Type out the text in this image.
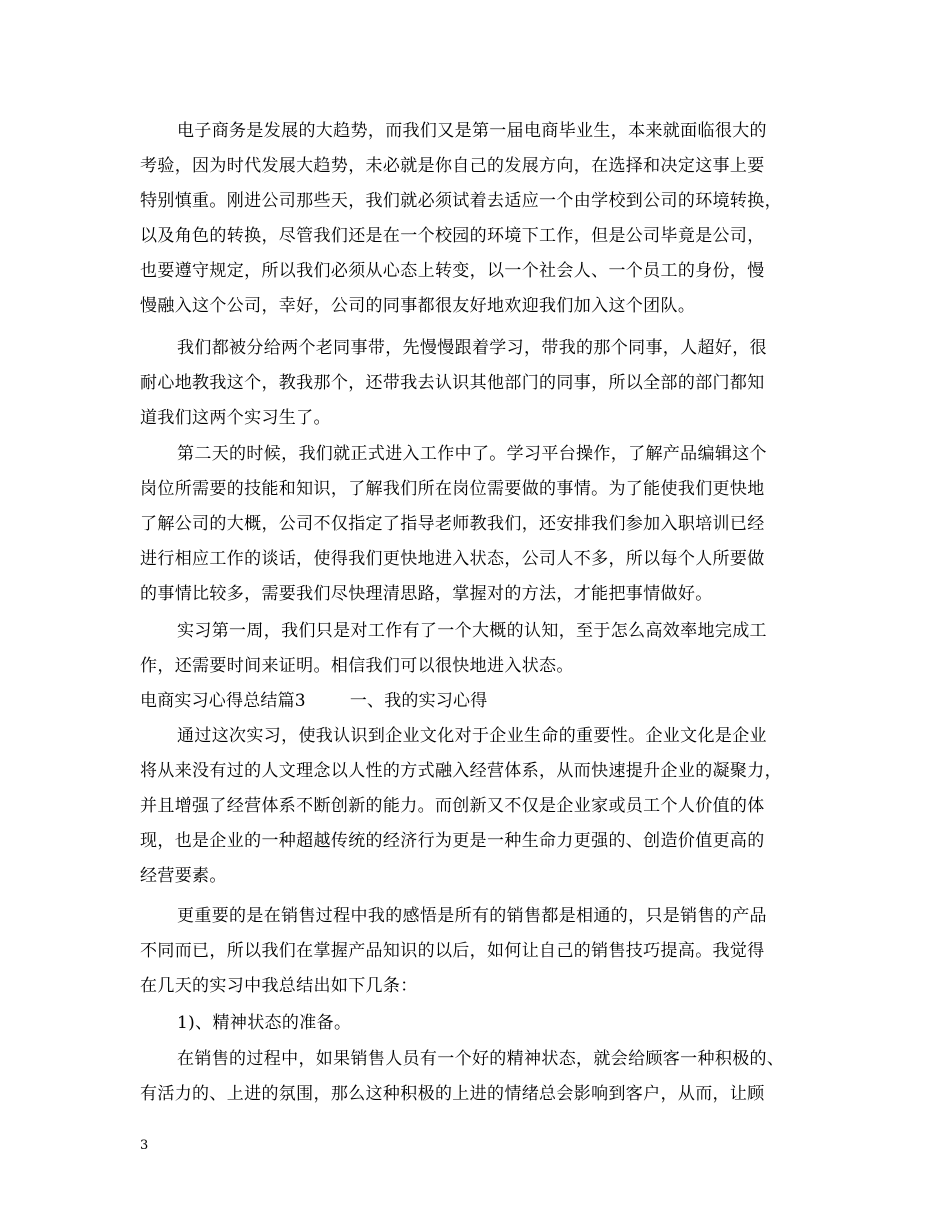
电子商务是发展的大趋势，而我们又是第一届电商毕业生，本来就面临很大的
考验，因为时代发展大趋势，未必就是你自己的发展方向，在选择和决定这事上要
特别慎重。刚进公司那些天，我们就必须试着去适应一个由学校到公司的环境转换，
以及角色的转换，尽管我们还是在一个校园的环境下工作，但是公司毕竟是公司，
也要遵守规定，所以我们必须从心态上转变，以一个社会人、一个员工的身份，慢
慢融入这个公司，幸好，公司的同事都很友好地欢迎我们加入这个团队。
我们都被分给两个老同事带，先慢慢跟着学习，带我的那个同事，人超好，很
耐心地教我这个，教我那个，还带我去认识其他部门的同事，所以全部的部门都知
道我们这两个实习生了。
第二天的时候，我们就正式进入工作中了。学习平台操作，了解产品编辑这个
岗位所需要的技能和知识，了解我们所在岗位需要做的事情。为了能使我们更快地
了解公司的大概，公司不仅指定了指导老师教我们，还安排我们参加入职培训已经
进行相应工作的谈话，使得我们更快地进入状态，公司人不多，所以每个人所要做
的事情比较多，需要我们尽快理清思路，掌握对的方法，才能把事情做好。
实习第一周，我们只是对工作有了一个大概的认知，至于怎么高效率地完成工
作，还需要时间来证明。相信我们可以很快地进入状态。
电商实习心得总结篇3	一、我的实习心得
通过这次实习，使我认识到企业文化对于企业生命的重要性。企业文化是企业
将从来没有过的人文理念以人性的方式融入经营体系，从而快速提升企业的凝聚力，
并且增强了经营体系不断创新的能力。而创新又不仅是企业家或员工个人价值的体
现，也是企业的一种超越传统的经济行为更是一种生命力更强的、创造价值更高的
经营要素。
更重要的是在销售过程中我的感悟是所有的销售都是相通的，只是销售的产品
不同而已，所以我们在掌握产品知识的以后，如何让自己的销售技巧提高。我觉得
在几天的实习中我总结出如下几条：
1)、精神状态的准备。
在销售的过程中，如果销售人员有一个好的精神状态，就会给顾客一种积极的、
有活力的、上进的氛围，那么这种积极的上进的情绪总会影响到客户，从而，让顾
3
